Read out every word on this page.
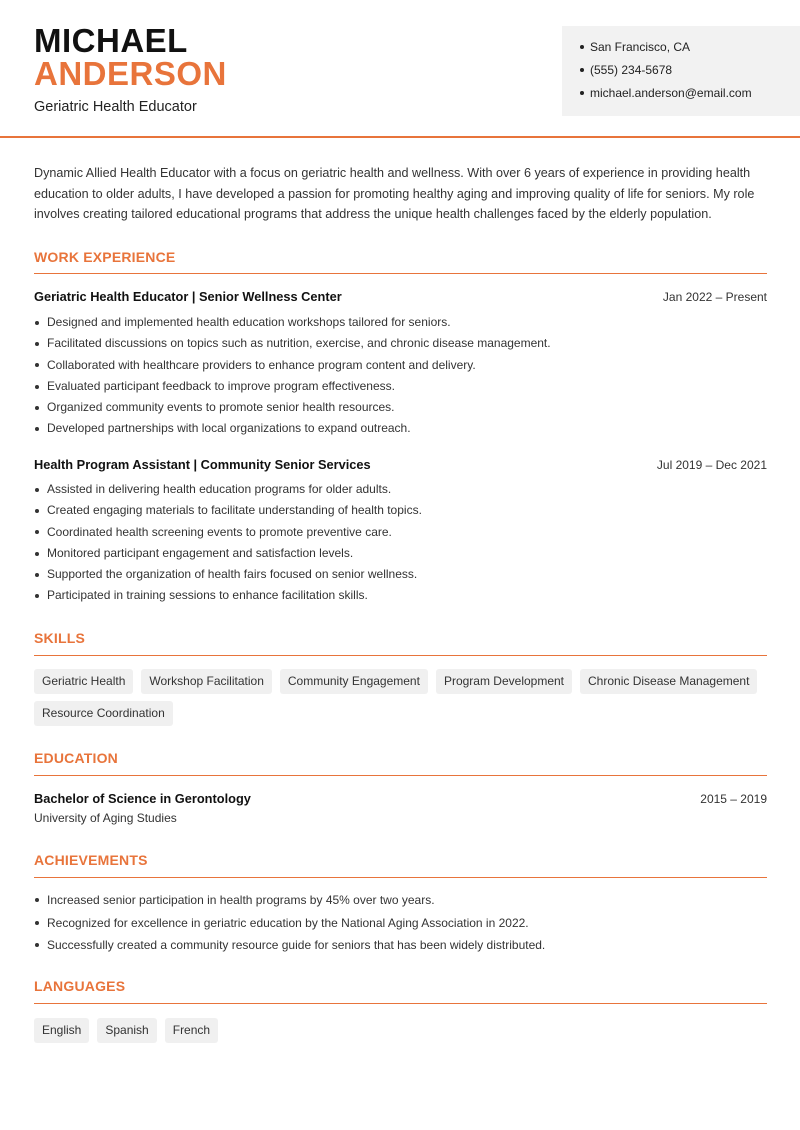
MICHAEL
ANDERSON
Geriatric Health Educator
San Francisco, CA
(555) 234-5678
michael.anderson@email.com
Dynamic Allied Health Educator with a focus on geriatric health and wellness. With over 6 years of experience in providing health education to older adults, I have developed a passion for promoting healthy aging and improving quality of life for seniors. My role involves creating tailored educational programs that address the unique health challenges faced by the elderly population.
WORK EXPERIENCE
Geriatric Health Educator | Senior Wellness Center	Jan 2022 – Present
Designed and implemented health education workshops tailored for seniors.
Facilitated discussions on topics such as nutrition, exercise, and chronic disease management.
Collaborated with healthcare providers to enhance program content and delivery.
Evaluated participant feedback to improve program effectiveness.
Organized community events to promote senior health resources.
Developed partnerships with local organizations to expand outreach.
Health Program Assistant | Community Senior Services	Jul 2019 – Dec 2021
Assisted in delivering health education programs for older adults.
Created engaging materials to facilitate understanding of health topics.
Coordinated health screening events to promote preventive care.
Monitored participant engagement and satisfaction levels.
Supported the organization of health fairs focused on senior wellness.
Participated in training sessions to enhance facilitation skills.
SKILLS
Geriatric Health	Workshop Facilitation	Community Engagement	Program Development	Chronic Disease Management
Resource Coordination
EDUCATION
Bachelor of Science in Gerontology	2015 – 2019
University of Aging Studies
ACHIEVEMENTS
Increased senior participation in health programs by 45% over two years.
Recognized for excellence in geriatric education by the National Aging Association in 2022.
Successfully created a community resource guide for seniors that has been widely distributed.
LANGUAGES
English	Spanish	French
